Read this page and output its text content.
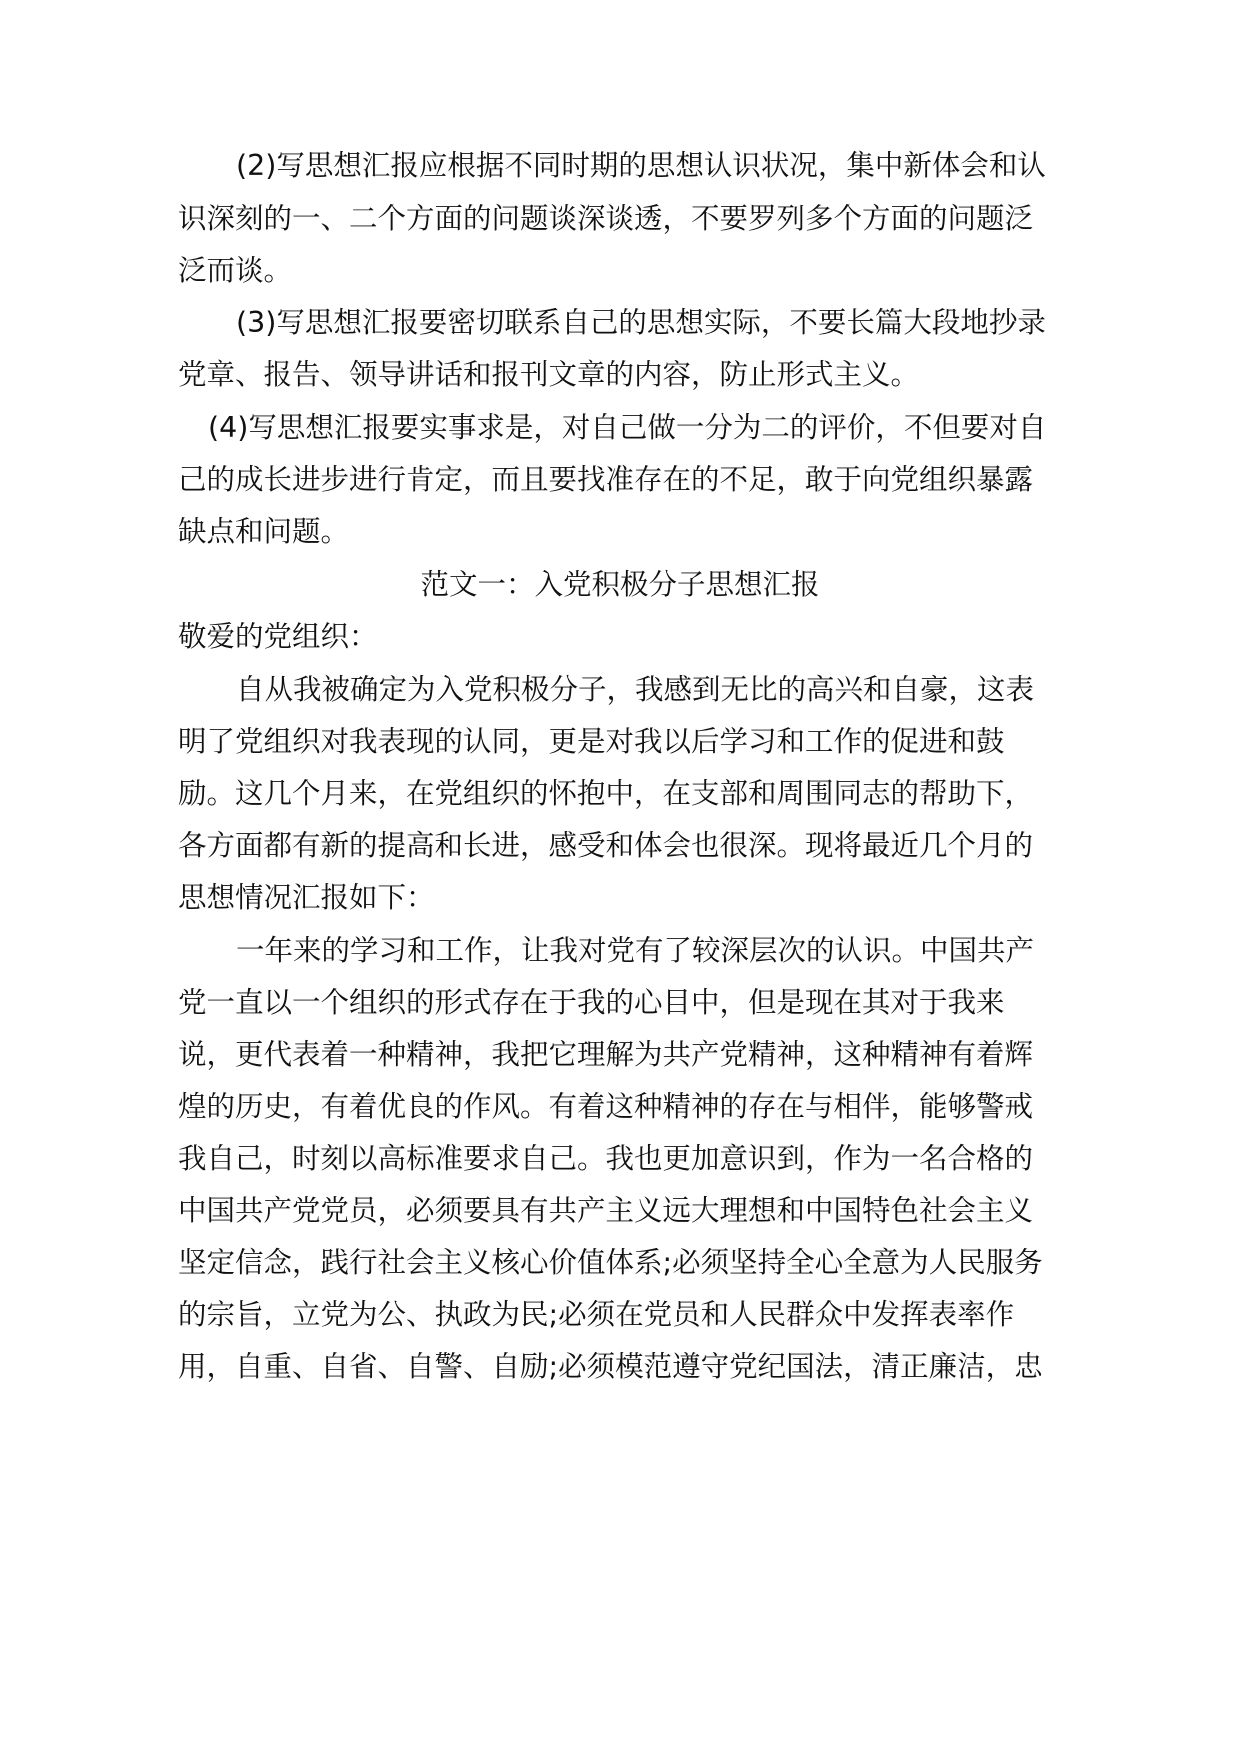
(2)写思想汇报应根据不同时期的思想认识状况，集中新体会和认
识深刻的一、二个方面的问题谈深谈透，不要罗列多个方面的问题泛
泛而谈。
(3)写思想汇报要密切联系自己的思想实际，不要长篇大段地抄录
党章、报告、领导讲话和报刊文章的内容，防止形式主义。
(4)写思想汇报要实事求是，对自己做一分为二的评价，不但要对自
己的成长进步进行肯定，而且要找准存在的不足，敢于向党组织暴露
缺点和问题。
范文一：入党积极分子思想汇报
敬爱的党组织：
自从我被确定为入党积极分子，我感到无比的高兴和自豪，这表
明了党组织对我表现的认同，更是对我以后学习和工作的促进和鼓
励。这几个月来，在党组织的怀抱中，在支部和周围同志的帮助下，
各方面都有新的提高和长进，感受和体会也很深。现将最近几个月的
思想情况汇报如下：
一年来的学习和工作，让我对党有了较深层次的认识。中国共产
党一直以一个组织的形式存在于我的心目中，但是现在其对于我来
说，更代表着一种精神，我把它理解为共产党精神，这种精神有着辉
煌的历史，有着优良的作风。有着这种精神的存在与相伴，能够警戒
我自己，时刻以高标准要求自己。我也更加意识到，作为一名合格的
中国共产党党员，必须要具有共产主义远大理想和中国特色社会主义
坚定信念，践行社会主义核心价值体系;必须坚持全心全意为人民服务
的宗旨，立党为公、执政为民;必须在党员和人民群众中发挥表率作
用，自重、自省、自警、自励;必须模范遵守党纪国法，清正廉洁，忠
